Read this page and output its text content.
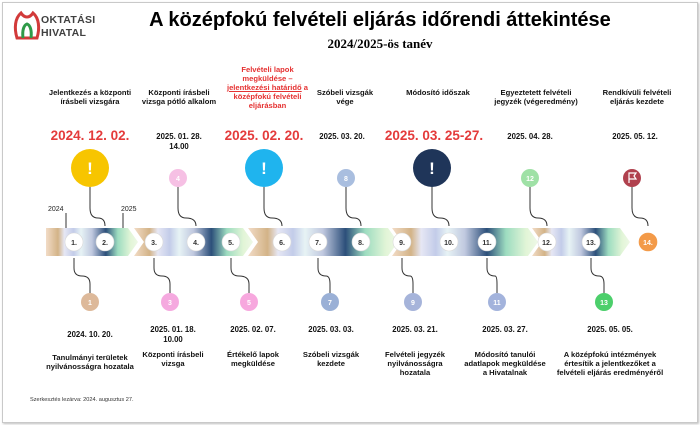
OKTATÁSI
HIVATAL
A középfokú felvételi eljárás időrendi áttekintése
2024/2025-ös tanév
Jelentkezés a központi írásbeli vizsgára
Központi írásbeli vizsga pótló alkalom
Felvételi lapok megküldése –
jelentkezési határidő a középfokú felvételi eljárásban
Szóbeli vizsgák vége
Módosító időszak	Egyeztetett felvételi jegyzék (végeredmény)
Rendkívüli felvételi eljárás kezdete
2024. 12. 02.	2025. 01. 28.
14.00
2025. 02. 20.	2025. 03. 20.	2025. 03. 25-27.	2025. 04. 28.	2025. 05. 12.
2024. 10. 20.
2025. 01. 18.
10.00
2025. 02. 07.	2025. 03. 03.	2025. 03. 21.	2025. 03. 27.	2025. 05. 05.
Tanulmányi területek nyilvánosságra hozatala
Központi írásbeli vizsga
Értékelő lapok megküldése
Szóbeli vizsgák kezdete
Felvételi jegyzék nyilvánosságra hozatala
Módosító tanulói adatlapok megküldése a Hivatalnak
A középfokú intézmények értesítik a jelentkezőket a felvételi eljárás eredményéről
Szerkesztés lezárva: 2024. augusztus 27.
2024	2025
1.	2.	3.	4.	5.	6.	7.	8.	9.	10.	11.	12.	13.	14.
!
4
!
8
!
12
1	3	5	7	9	11	13
